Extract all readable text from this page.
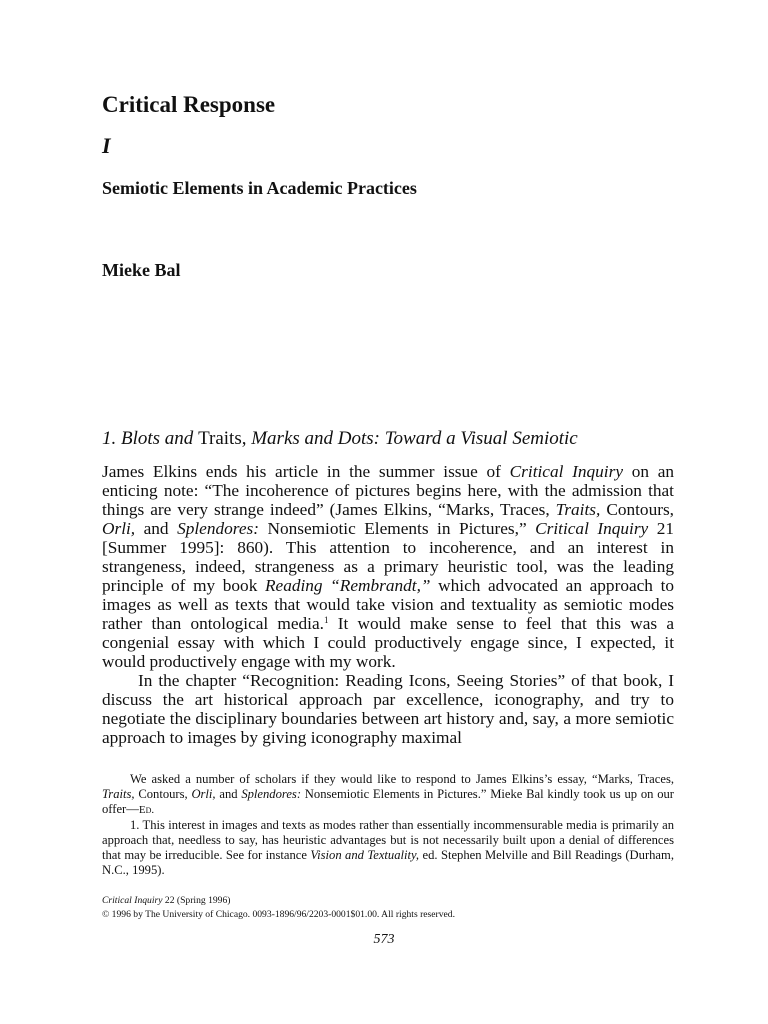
Critical Response
I
Semiotic Elements in Academic Practices
Mieke Bal
1. Blots and Traits, Marks and Dots: Toward a Visual Semiotic

James Elkins ends his article in the summer issue of Critical Inquiry on an enticing note: “The incoherence of pictures begins here, with the admission that things are very strange indeed” (James Elkins, “Marks, Traces, Traits, Contours, Orli, and Splendores: Nonsemiotic Elements in Pictures,” Critical Inquiry 21 [Summer 1995]: 860). This attention to incoherence, and an interest in strangeness, indeed, strangeness as a primary heuristic tool, was the leading principle of my book Reading “Rembrandt,” which advocated an approach to images as well as texts that would take vision and textuality as semiotic modes rather than ontological media.$^1$ It would make sense to feel that this was a congenial essay with which I could productively engage since, I expected, it would productively engage with my work.

In the chapter “Recognition: Reading Icons, Seeing Stories” of that book, I discuss the art historical approach par excellence, iconography, and try to negotiate the disciplinary boundaries between art history and, say, a more semiotic approach to images by giving iconography maximal

We asked a number of scholars if they would like to respond to James Elkins’s essay, “Marks, Traces, Traits, Contours, Orli, and Splendores: Nonsemiotic Elements in Pictures.” Mieke Bal kindly took us up on our offer—Ed.

1. This interest in images and texts as modes rather than essentially incommensurable media is primarily an approach that, needless to say, has heuristic advantages but is not necessarily built upon a denial of differences that may be irreducible. See for instance Vision and Textuality, ed. Stephen Melville and Bill Readings (Durham, N.C., 1995).

Critical Inquiry 22 (Spring 1996)

© 1996 by The University of Chicago. 0093-1896/96/2203-0001$01.00. All rights reserved.

573
